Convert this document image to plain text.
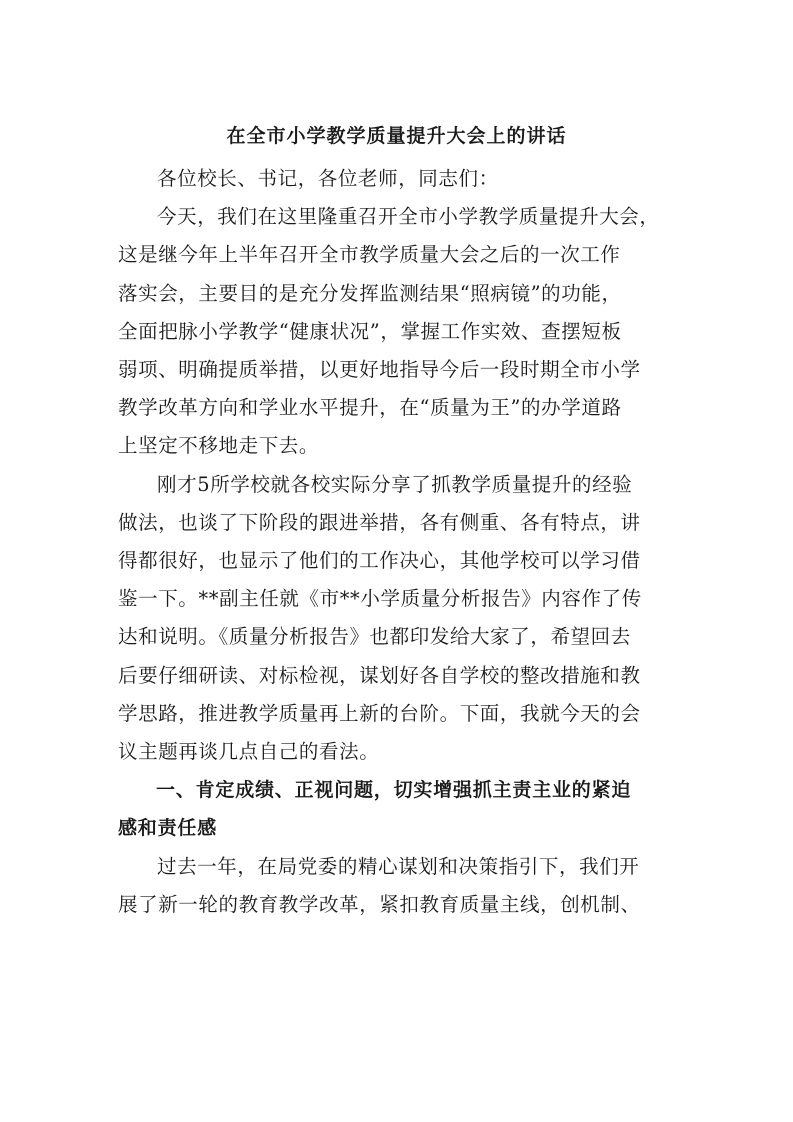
在全市小学教学质量提升大会上的讲话

各位校长、书记，各位老师，同志们：

今天，我们在这里隆重召开全市小学教学质量提升大会，
这是继今年上半年召开全市教学质量大会之后的一次工作
落实会，主要目的是充分发挥监测结果“照病镜”的功能，
全面把脉小学教学“健康状况”，掌握工作实效、查摆短板
弱项、明确提质举措，以更好地指导今后一段时期全市小学
教学改革方向和学业水平提升，在“质量为王”的办学道路
上坚定不移地走下去。

刚才5所学校就各校实际分享了抓教学质量提升的经验
做法，也谈了下阶段的跟进举措，各有侧重、各有特点，讲
得都很好，也显示了他们的工作决心，其他学校可以学习借
鉴一下。**副主任就《市**小学质量分析报告》内容作了传
达和说明。《质量分析报告》也都印发给大家了，希望回去
后要仔细研读、对标检视，谋划好各自学校的整改措施和教
学思路，推进教学质量再上新的台阶。下面，我就今天的会
议主题再谈几点自己的看法。

一、肯定成绩、正视问题，切实增强抓主责主业的紧迫
感和责任感

过去一年，在局党委的精心谋划和决策指引下，我们开
展了新一轮的教育教学改革，紧扣教育质量主线，创机制、
